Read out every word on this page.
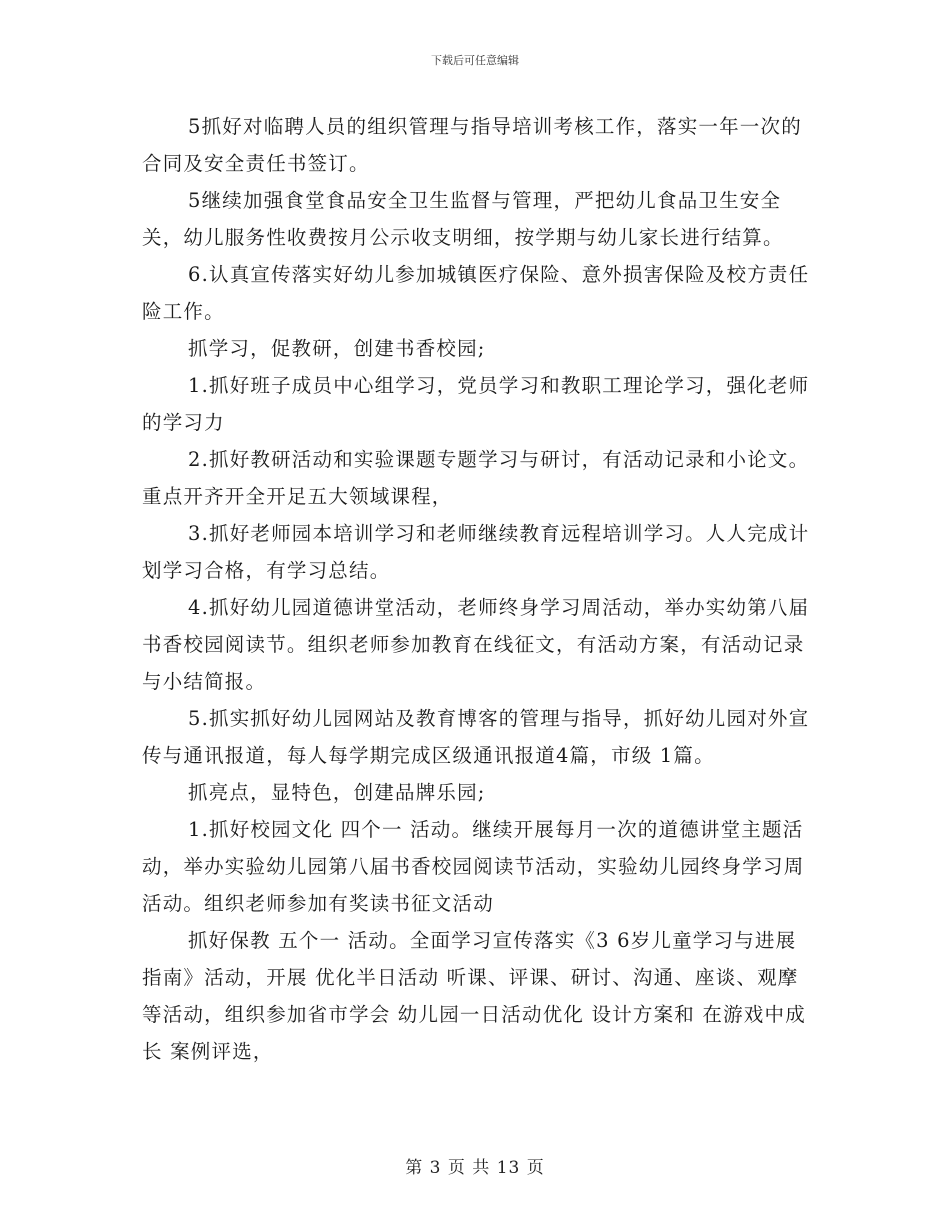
下载后可任意编辑

5抓好对临聘人员的组织管理与指导培训考核工作，落实一年一次的合同及安全责任书签订。

5继续加强食堂食品安全卫生监督与管理，严把幼儿食品卫生安全关，幼儿服务性收费按月公示收支明细，按学期与幼儿家长进行结算。

6.认真宣传落实好幼儿参加城镇医疗保险、意外损害保险及校方责任险工作。

抓学习，促教研，创建书香校园;

1.抓好班子成员中心组学习，党员学习和教职工理论学习，强化老师的学习力

2.抓好教研活动和实验课题专题学习与研讨，有活动记录和小论文。重点开齐开全开足五大领域课程，

3.抓好老师园本培训学习和老师继续教育远程培训学习。人人完成计划学习合格，有学习总结。

4.抓好幼儿园道德讲堂活动，老师终身学习周活动，举办实幼第八届书香校园阅读节。组织老师参加教育在线征文，有活动方案，有活动记录与小结简报。

5.抓实抓好幼儿园网站及教育博客的管理与指导，抓好幼儿园对外宣传与通讯报道，每人每学期完成区级通讯报道4篇，市级 1篇。

抓亮点，显特色，创建品牌乐园;

1.抓好校园文化 四个一 活动。继续开展每月一次的道德讲堂主题活动，举办实验幼儿园第八届书香校园阅读节活动，实验幼儿园终身学习周活动。组织老师参加有奖读书征文活动

抓好保教 五个一 活动。全面学习宣传落实《3 6岁儿童学习与进展指南》活动，开展 优化半日活动 听课、评课、研讨、沟通、座谈、观摩等活动，组织参加省市学会 幼儿园一日活动优化 设计方案和 在游戏中成长 案例评选，

第 3 页 共 13 页
